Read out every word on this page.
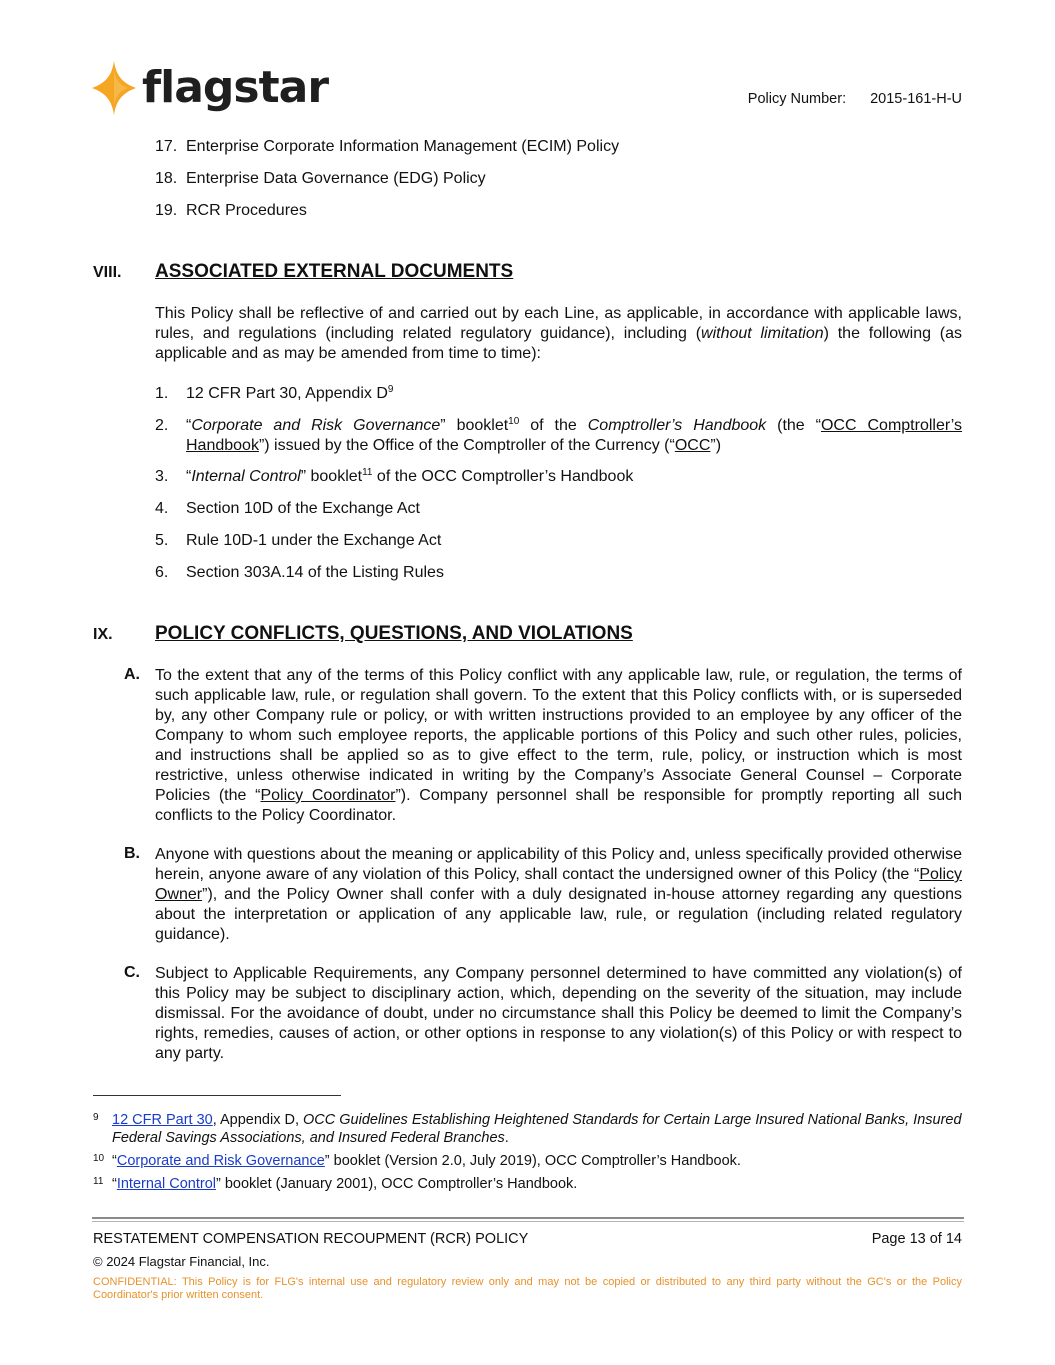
flagstar	Policy Number: 2015-161-H-U
17. Enterprise Corporate Information Management (ECIM) Policy
18. Enterprise Data Governance (EDG) Policy
19. RCR Procedures
VIII. ASSOCIATED EXTERNAL DOCUMENTS
This Policy shall be reflective of and carried out by each Line, as applicable, in accordance with applicable laws, rules, and regulations (including related regulatory guidance), including (without limitation) the following (as applicable and as may be amended from time to time):
1. 12 CFR Part 30, Appendix $D^9$
2. “Corporate and Risk Governance” booklet$^{10}$ of the Comptroller’s Handbook (the “OCC Comptroller’s Handbook”) issued by the Office of the Comptroller of the Currency (“OCC”)
3. “Internal Control” booklet$^{11}$ of the OCC Comptroller’s Handbook
4. Section 10D of the Exchange Act
5. Rule 10D-1 under the Exchange Act
6. Section 303A.14 of the Listing Rules
IX. POLICY CONFLICTS, QUESTIONS, AND VIOLATIONS
A. To the extent that any of the terms of this Policy conflict with any applicable law, rule, or regulation, the terms of such applicable law, rule, or regulation shall govern. To the extent that this Policy conflicts with, or is superseded by, any other Company rule or policy, or with written instructions provided to an employee by any officer of the Company to whom such employee reports, the applicable portions of this Policy and such other rules, policies, and instructions shall be applied so as to give effect to the term, rule, policy, or instruction which is most restrictive, unless otherwise indicated in writing by the Company’s Associate General Counsel – Corporate Policies (the “Policy Coordinator”). Company personnel shall be responsible for promptly reporting all such conflicts to the Policy Coordinator.
B. Anyone with questions about the meaning or applicability of this Policy and, unless specifically provided otherwise herein, anyone aware of any violation of this Policy, shall contact the undersigned owner of this Policy (the “Policy Owner”), and the Policy Owner shall confer with a duly designated in-house attorney regarding any questions about the interpretation or application of any applicable law, rule, or regulation (including related regulatory guidance).
C. Subject to Applicable Requirements, any Company personnel determined to have committed any violation(s) of this Policy may be subject to disciplinary action, which, depending on the severity of the situation, may include dismissal. For the avoidance of doubt, under no circumstance shall this Policy be deemed to limit the Company’s rights, remedies, causes of action, or other options in response to any violation(s) of this Policy or with respect to any party.
9 12 CFR Part 30, Appendix D, OCC Guidelines Establishing Heightened Standards for Certain Large Insured National Banks, Insured Federal Savings Associations, and Insured Federal Branches.
10 “Corporate and Risk Governance” booklet (Version 2.0, July 2019), OCC Comptroller’s Handbook.
11 “Internal Control” booklet (January 2001), OCC Comptroller’s Handbook.
RESTATEMENT COMPENSATION RECOUPMENT (RCR) POLICY	Page 13 of 14
© 2024 Flagstar Financial, Inc.
CONFIDENTIAL: This Policy is for FLG's internal use and regulatory review only and may not be copied or distributed to any third party without the GC's or the Policy Coordinator's prior written consent.
